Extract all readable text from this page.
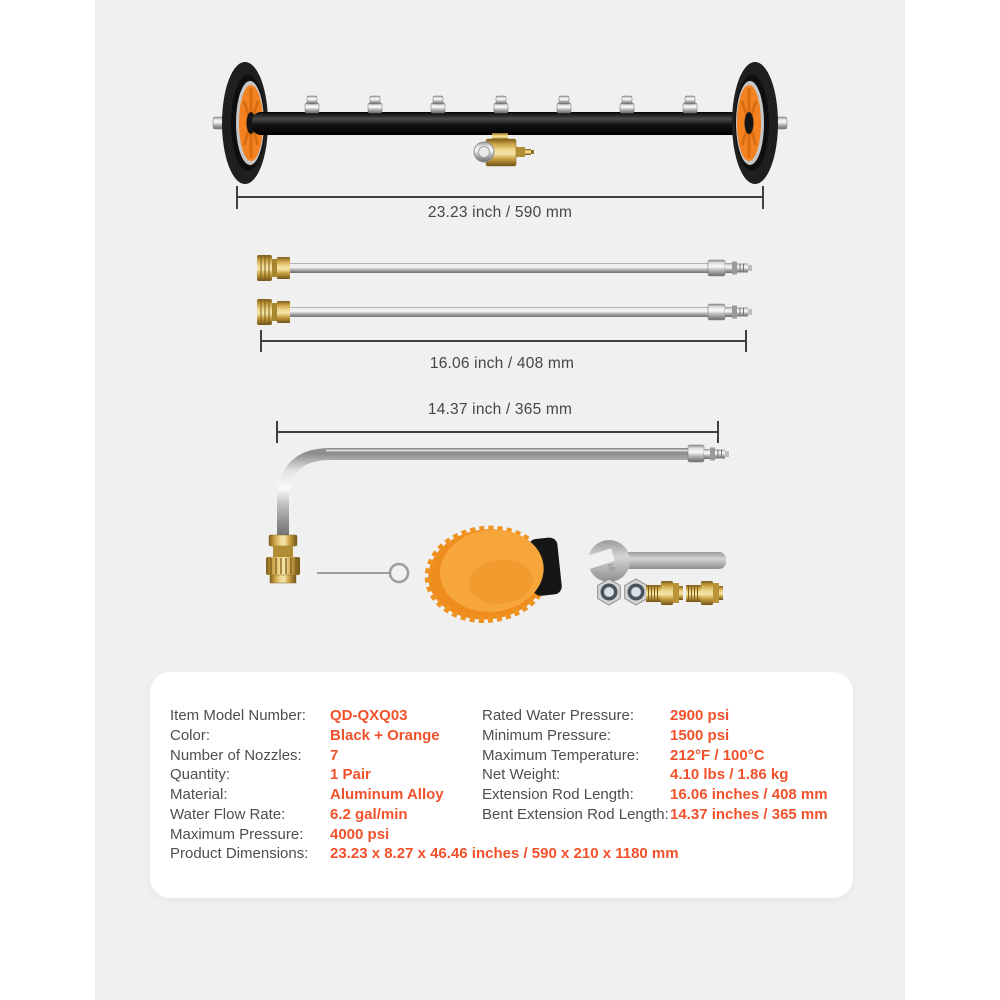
18
23.23 inch / 590 mm
16.06 inch / 408 mm
14.37 inch / 365 mm
Item Model Number: QD-QXQ03
Color:	Black + Orange
Number of Nozzles: 7
Quantity:	1 Pair
Material:	Aluminum Alloy
Water Flow Rate:	6.2 gal/min
Maximum Pressure: 4000 psi
Rated Water Pressure: 2900 psi
Minimum Pressure:	1500 psi
Maximum Temperature: 212°F / 100°C
Net Weight:	4.10 lbs / 1.86 kg
Extension Rod Length: 16.06 inches / 408 mm
Bent Extension Rod Length: 14.37 inches / 365 mm
Product Dimensions: 23.23 x 8.27 x 46.46 inches / 590 x 210 x 1180 mm
